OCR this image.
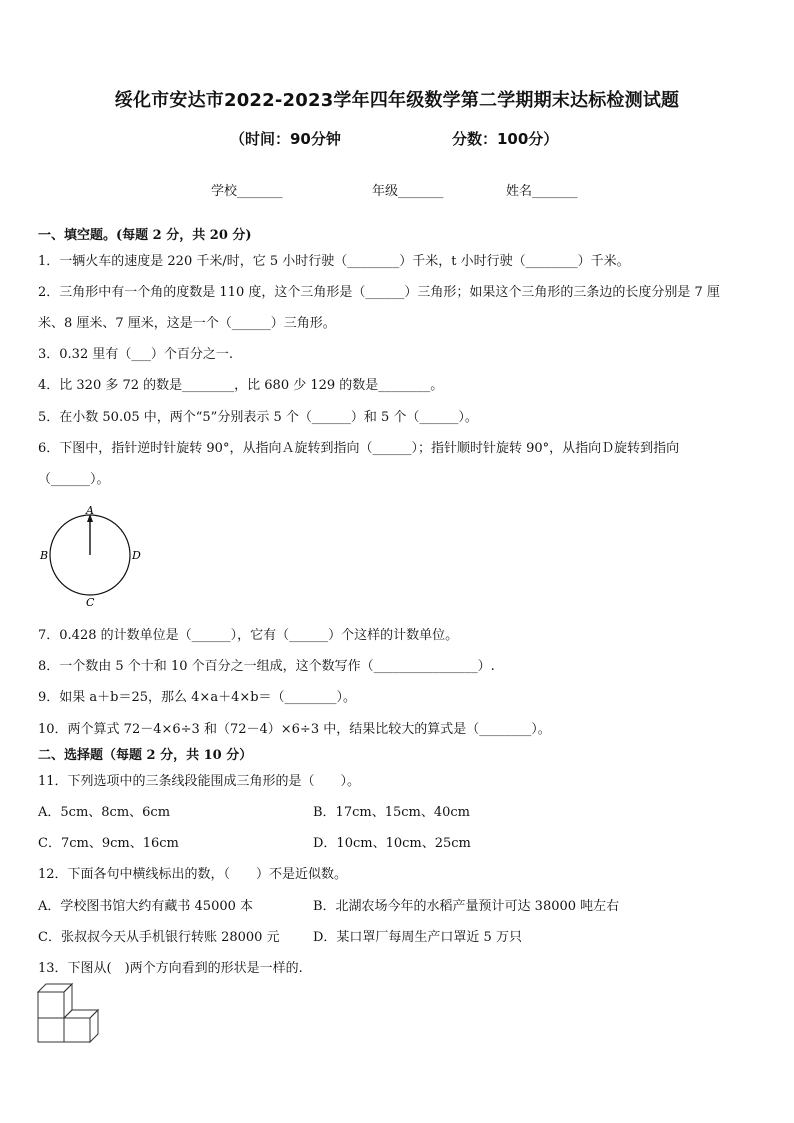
绥化市安达市2022-2023学年四年级数学第二学期期末达标检测试题
（时间：90分钟	分数：100分）
学校_______	年级_______	姓名_______
一、填空题。(每题 2 分，共 20 分)
1．一辆火车的速度是 220 千米/时，它 5 小时行驶（________）千米，t 小时行驶（________）千米。
2．三角形中有一个角的度数是 110 度，这个三角形是（______）三角形；如果这个三角形的三条边的长度分别是 7 厘
米、8 厘米、7 厘米，这是一个（______）三角形。
3．0.32 里有（___）个百分之一.
4．比 320 多 72 的数是________，比 680 少 129 的数是________。
5．在小数 50.05 中，两个“5”分别表示 5 个（______）和 5 个（______）。
6．下图中，指针逆时针旋转 90°，从指向Ａ旋转到指向（______）；指针顺时针旋转 90°，从指向Ｄ旋转到指向
（______）。
A
B
C
D
7．0.428 的计数单位是（______），它有（______）个这样的计数单位。
8．一个数由 5 个十和 10 个百分之一组成，这个数写作（________________）.
9．如果 a＋b＝25，那么 4×a＋4×b＝（________）。
10．两个算式 72－4×6÷3 和（72－4）×6÷3 中，结果比较大的算式是（________）。
二、选择题（每题 2 分，共 10 分）
11．下列选项中的三条线段能围成三角形的是（　　）。
A．5cm、8cm、6cm	B．17cm、15cm、40cm
C．7cm、9cm、16cm	D．10cm、10cm、25cm
12．下面各句中横线标出的数，（　　）不是近似数。
A．学校图书馆大约有藏书 45000 本	B．北湖农场今年的水稻产量预计可达 38000 吨左右
C．张叔叔今天从手机银行转账 28000 元	D．某口罩厂每周生产口罩近 5 万只
13．下图从(　)两个方向看到的形状是一样的.
